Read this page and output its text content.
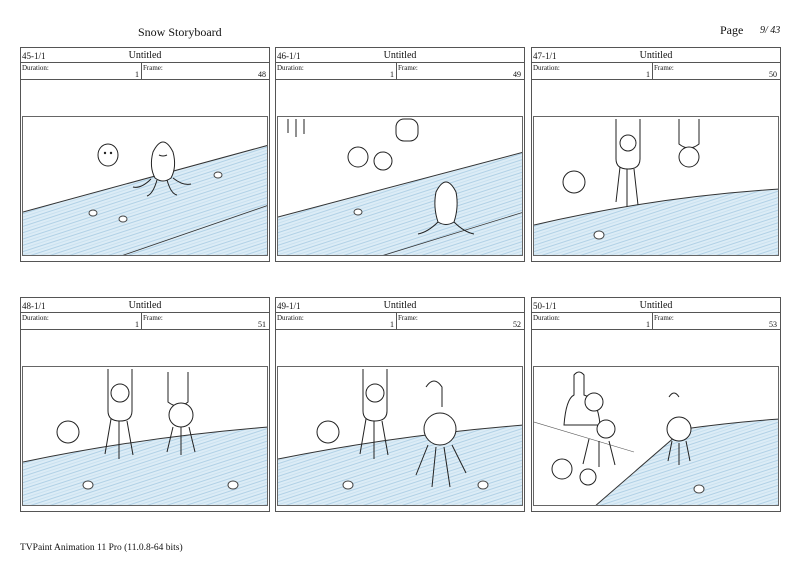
Snow Storyboard	Page 9/ 43
45-1/1	Untitled
Duration:	Frame:
1	48
46-1/1	Untitled
Duration:	Frame:
1	49
47-1/1	Untitled
Duration:	Frame:
1	50
48-1/1	Untitled
Duration:	Frame:
1	51
49-1/1	Untitled
Duration:	Frame:
1	52
50-1/1	Untitled
Duration:	Frame:
1	53
TVPaint Animation 11 Pro (11.0.8-64 bits)
